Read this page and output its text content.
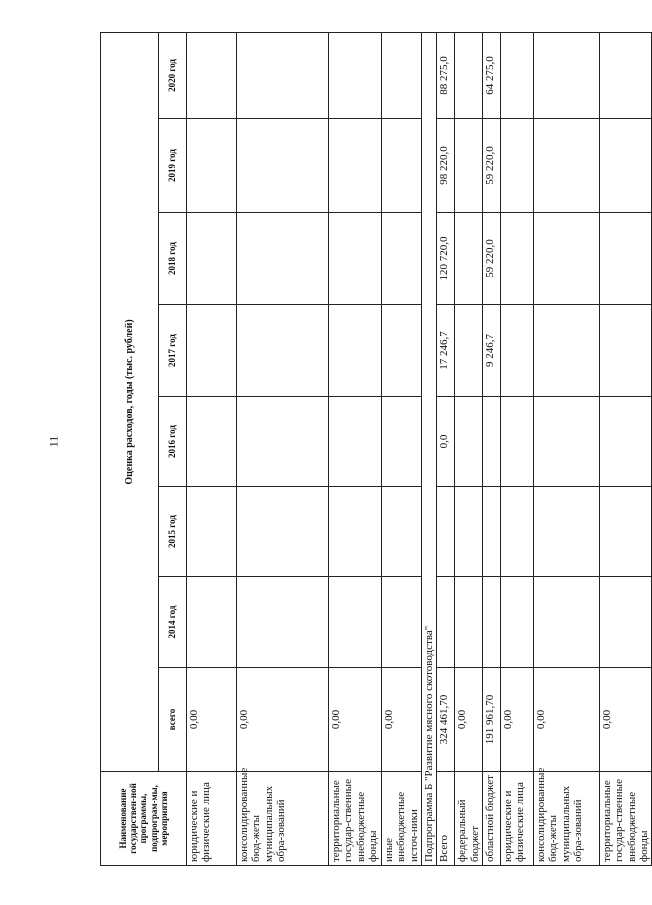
11
Наименование государствен-ной программы, подпрограм-мы, мероприятия	Оценка расходов, годы (тыс. рублей)							
	всего	2014 год	2015 год	2016 год	2017 год	2018 год	2019 год	2020 год
юридические и физические лица	0,00							
консолидированные бюд-жеты муниципальных обра-зований	0,00							
территориальные государ-ственные внебюджетные фонды	0,00							
иные внебюджетные источ-ники	0,00							
Подпрограмма Б "Развитие мясного скотоводства"								
Всего	324 461,70			0,0	17 246,7	120 720,0	98 220,0	88 275,0
федеральный бюджет	0,00							
областной бюджет	191 961,70				9 246,7	59 220,0	59 220,0	64 275,0
юридические и физические лица	0,00							
консолидированные бюд-жеты муниципальных обра-зований	0,00							
территориальные государ-ственные внебюджетные фонды	0,00							
